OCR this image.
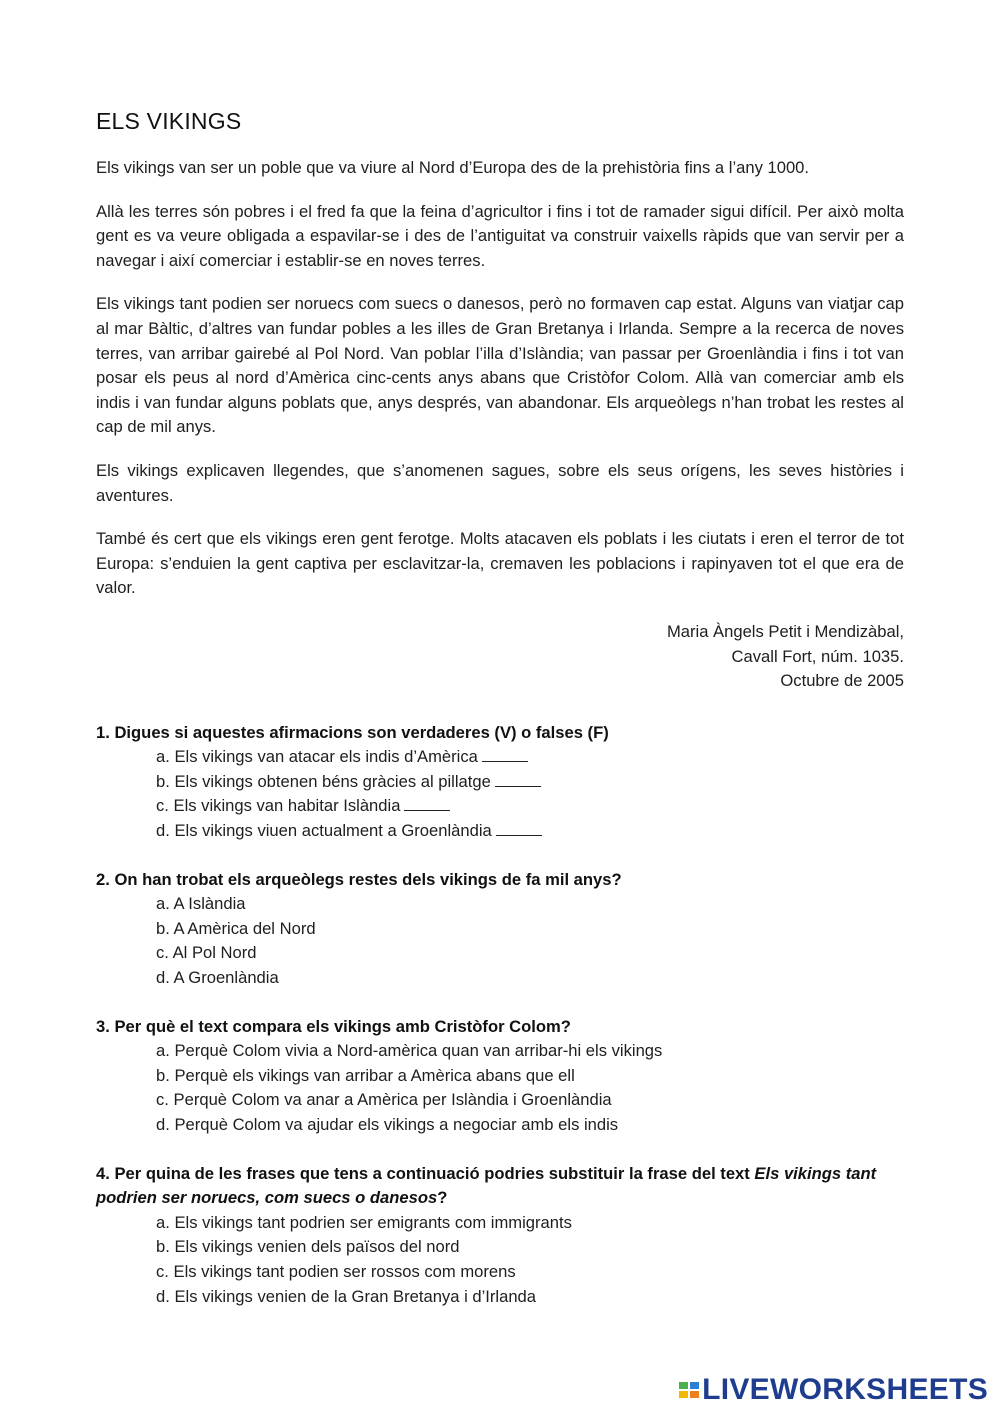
ELS VIKINGS

Els vikings van ser un poble que va viure al Nord d’Europa des de la prehistòria fins a l’any 1000.

Allà les terres són pobres i el fred fa que la feina d’agricultor i fins i tot de ramader sigui difícil. Per això molta gent es va veure obligada a espavilar-se i des de l’antiguitat va construir vaixells ràpids que van servir per a navegar i així comerciar i establir-se en noves terres.

Els vikings tant podien ser noruecs com suecs o danesos, però no formaven cap estat. Alguns van viatjar cap al mar Bàltic, d’altres van fundar pobles a les illes de Gran Bretanya i Irlanda. Sempre a la recerca de noves terres, van arribar gairebé al Pol Nord. Van poblar l’illa d’Islàndia; van passar per Groenlàndia i fins i tot van posar els peus al nord d’Amèrica cinc-cents anys abans que Cristòfor Colom. Allà van comerciar amb els indis i van fundar alguns poblats que, anys després, van abandonar. Els arqueòlegs n’han trobat les restes al cap de mil anys.

Els vikings explicaven llegendes, que s’anomenen sagues, sobre els seus orígens, les seves històries i aventures.

També és cert que els vikings eren gent ferotge. Molts atacaven els poblats i les ciutats i eren el terror de tot Europa: s’enduien la gent captiva per esclavitzar-la, cremaven les poblacions i rapinyaven tot el que era de valor.

Maria Àngels Petit i Mendizàbal,
Cavall Fort, núm. 1035.
Octubre de 2005
1. Digues si aquestes afirmacions son verdaderes (V) o falses (F)
a. Els vikings van atacar els indis d’Amèrica
b. Els vikings obtenen béns gràcies al pillatge
c. Els vikings van habitar Islàndia
d. Els vikings viuen actualment a Groenlàndia
2. On han trobat els arqueòlegs restes dels vikings de fa mil anys?
a. A Islàndia
b. A Amèrica del Nord
c. Al Pol Nord
d. A Groenlàndia
3. Per què el text compara els vikings amb Cristòfor Colom?
a. Perquè Colom vivia a Nord-amèrica quan van arribar-hi els vikings
b. Perquè els vikings van arribar a Amèrica abans que ell
c. Perquè Colom va anar a Amèrica per Islàndia i Groenlàndia
d. Perquè Colom va ajudar els vikings a negociar amb els indis
4. Per quina de les frases que tens a continuació podries substituir la frase del text Els vikings tant podrien ser noruecs, com suecs o danesos?
a. Els vikings tant podrien ser emigrants com immigrants
b. Els vikings venien dels països del nord
c. Els vikings tant podien ser rossos com morens
d. Els vikings venien de la Gran Bretanya i d’Irlanda
LIVEWORKSHEETS
